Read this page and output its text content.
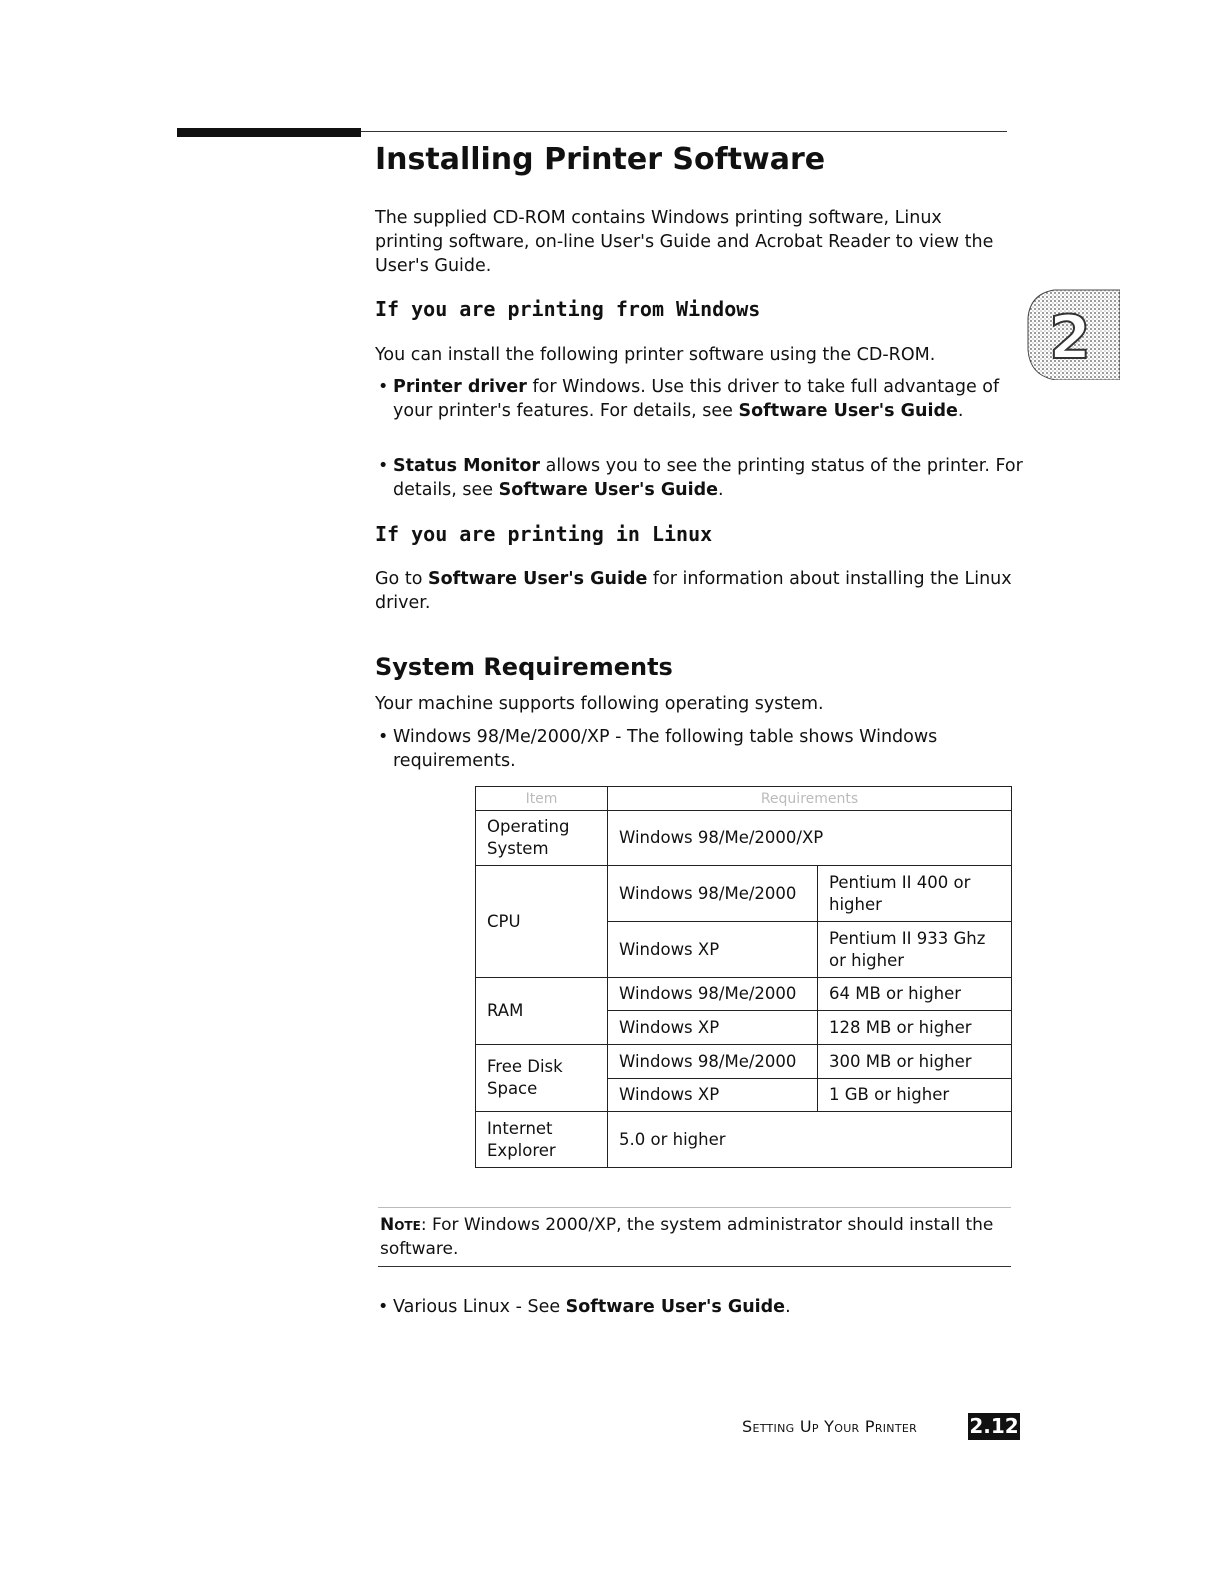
Installing Printer Software

The supplied CD-ROM contains Windows printing software, Linux printing software, on-line User's Guide and Acrobat Reader to view the User's Guide.

2
If you are printing from Windows

You can install the following printer software using the CD-ROM.

• Printer driver for Windows. Use this driver to take full advantage of your printer's features. For details, see Software User's Guide.
• Status Monitor allows you to see the printing status of the printer. For details, see Software User's Guide.
If you are printing in Linux

Go to Software User's Guide for information about installing the Linux driver.

System Requirements

Your machine supports following operating system.

• Windows 98/Me/2000/XP - The following table shows Windows requirements.
Item	Requirements	
Operating System	Windows 98/Me/2000/XP	
CPU	Windows 98/Me/2000	Pentium II 400 or higher
	Windows XP	Pentium II 933 Ghz or higher
RAM	Windows 98/Me/2000	64 MB or higher
	Windows XP	128 MB or higher
Free Disk Space	Windows 98/Me/2000	300 MB or higher
	Windows XP	1 GB or higher
Internet Explorer	5.0 or higher	

Note: For Windows 2000/XP, the system administrator should install the software.

• Various Linux - See Software User's Guide.
Setting Up Your Printer	2.12
